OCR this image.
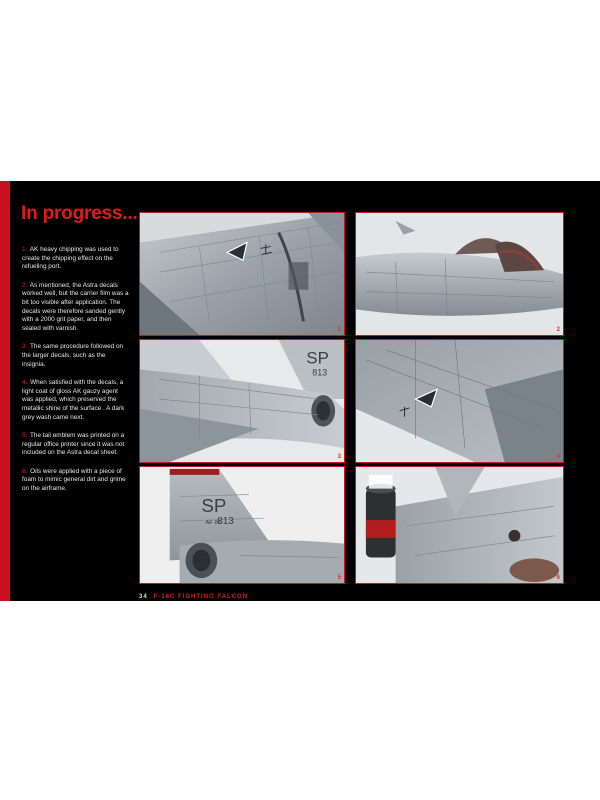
In progress...
1. AK heavy chipping was used to create the chipping effect on the refueling port.
2. As mentioned, the Astra decals worked well, but the carrier film was a bit too visible after application. The decals were therefore sanded gently with a 2000 grit paper, and then sealed with varnish.
3. The same procedure followed on the larger decals, such as the insignia.
4. When satisfied with the decals, a light coat of gloss AK gauzy agent was applied, which preserved the metallic shine of the surface . A dark grey wash came next.
5. The tail emblem was printed on a regular office printer since it was not included on the Astra decal sheet.
6. Oils were applied with a piece of foam to mimic general dirt and grime on the airframe.
1	2
SP
813
3	4
SP
AF 85
813
5	6
34 F-16C FIGHTING FALCON
